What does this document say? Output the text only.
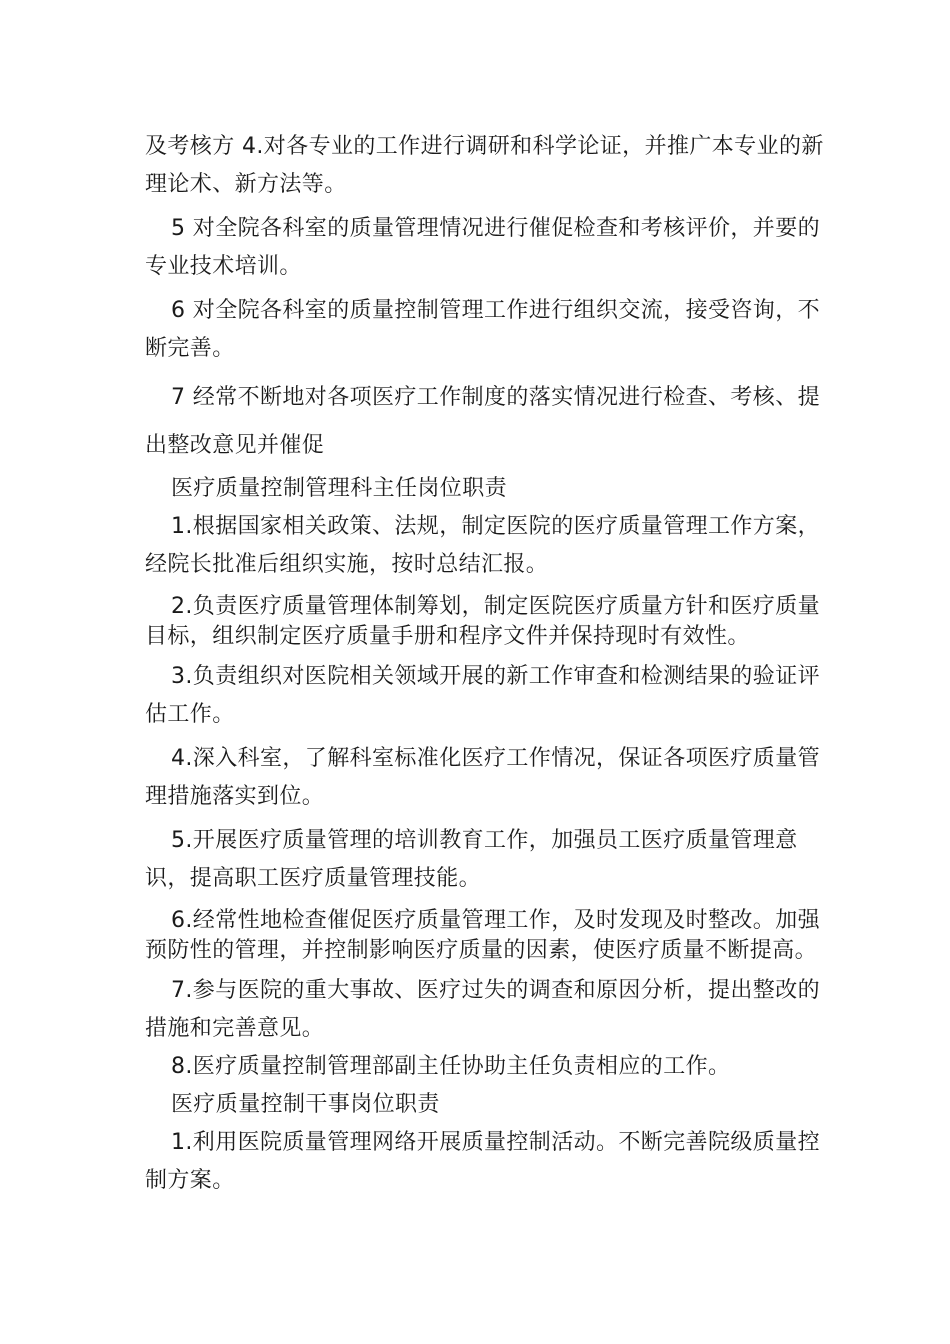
及考核方 4.对各专业的工作进行调研和科学论证，并推广本专业的新理论术、新方法等。

5 对全院各科室的质量管理情况进行催促检查和考核评价，并要的专业技术培训。

6 对全院各科室的质量控制管理工作进行组织交流，接受咨询，不断完善。

7 经常不断地对各项医疗工作制度的落实情况进行检查、考核、提出整改意见并催促

医疗质量控制管理科主任岗位职责

1.根据国家相关政策、法规，制定医院的医疗质量管理工作方案，经院长批准后组织实施，按时总结汇报。

2.负责医疗质量管理体制筹划，制定医院医疗质量方针和医疗质量目标，组织制定医疗质量手册和程序文件并保持现时有效性。

3.负责组织对医院相关领域开展的新工作审查和检测结果的验证评估工作。

4.深入科室，了解科室标准化医疗工作情况，保证各项医疗质量管理措施落实到位。

5.开展医疗质量管理的培训教育工作，加强员工医疗质量管理意识，提高职工医疗质量管理技能。

6.经常性地检查催促医疗质量管理工作，及时发现及时整改。加强预防性的管理，并控制影响医疗质量的因素，使医疗质量不断提高。

7.参与医院的重大事故、医疗过失的调查和原因分析，提出整改的措施和完善意见。

8.医疗质量控制管理部副主任协助主任负责相应的工作。

医疗质量控制干事岗位职责

1.利用医院质量管理网络开展质量控制活动。不断完善院级质量控制方案。
